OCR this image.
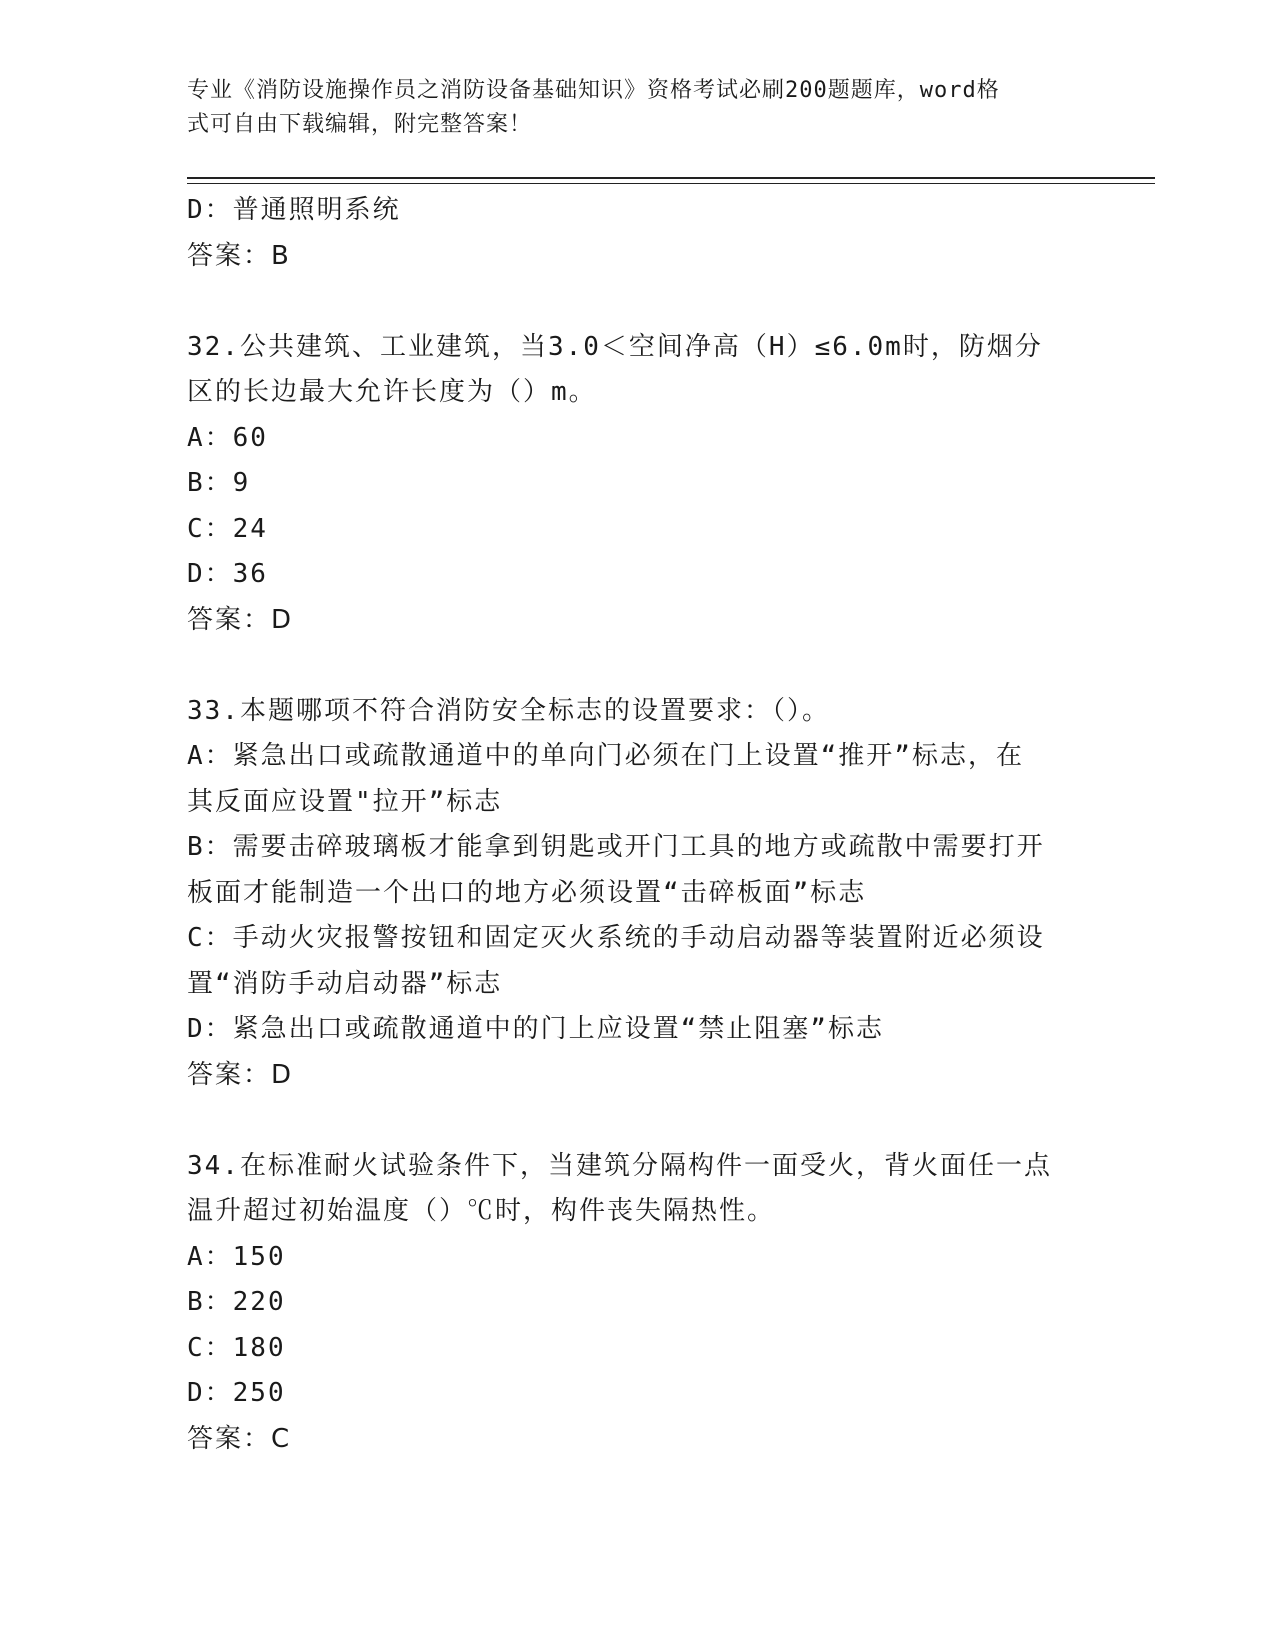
专业《消防设施操作员之消防设备基础知识》资格考试必刷200题题库，word格
式可自由下载编辑，附完整答案！
D：普通照明系统
答案：B
32.公共建筑、工业建筑，当3.0＜空间净高（H）≤6.0m时，防烟分
区的长边最大允许长度为（）m。
A：60
B：9
C：24
D：36
答案：D
33.本题哪项不符合消防安全标志的设置要求：（）。
A：紧急出口或疏散通道中的单向门必须在门上设置“推开”标志，在
其反面应设置"拉开”标志
B：需要击碎玻璃板才能拿到钥匙或开门工具的地方或疏散中需要打开
板面才能制造一个出口的地方必须设置“击碎板面”标志
C：手动火灾报警按钮和固定灭火系统的手动启动器等装置附近必须设
置“消防手动启动器”标志
D：紧急出口或疏散通道中的门上应设置“禁止阻塞”标志
答案：D
34.在标准耐火试验条件下，当建筑分隔构件一面受火，背火面任一点
温升超过初始温度（）℃时，构件丧失隔热性。
A：150
B：220
C：180
D：250
答案：C
